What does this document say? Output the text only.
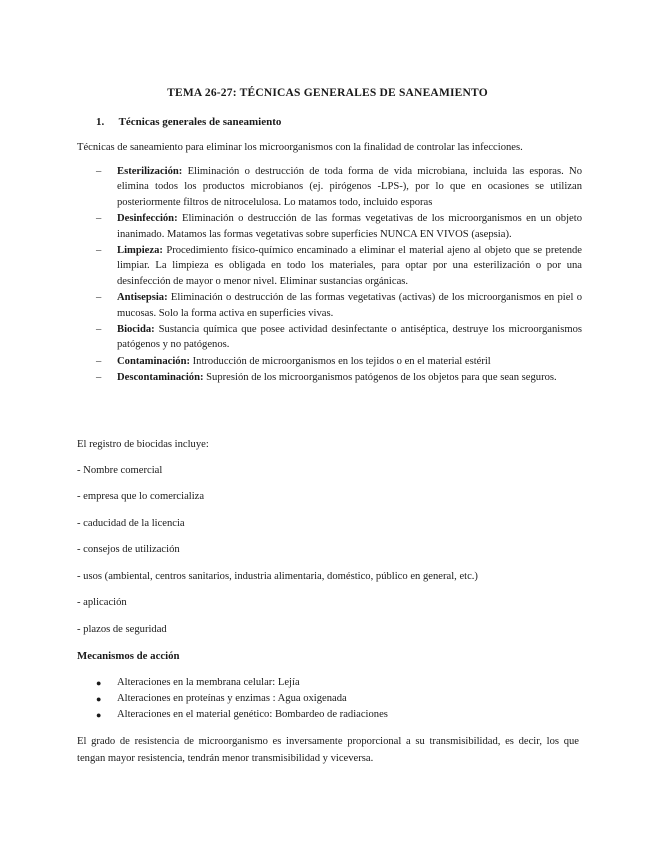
TEMA 26-27: TÉCNICAS GENERALES DE SANEAMIENTO
1. Técnicas generales de saneamiento
Técnicas de saneamiento para eliminar los microorganismos con la finalidad de controlar las infecciones.
– Esterilización: Eliminación o destrucción de toda forma de vida microbiana, incluida las esporas. No elimina todos los productos microbianos (ej. pirógenos -LPS-), por lo que en ocasiones se utilizan posteriormente filtros de nitrocelulosa. Lo matamos todo, incluido esporas
– Desinfección: Eliminación o destrucción de las formas vegetativas de los microorganismos en un objeto inanimado. Matamos las formas vegetativas sobre superficies NUNCA EN VIVOS (asepsia).
– Limpieza: Procedimiento físico-químico encaminado a eliminar el material ajeno al objeto que se pretende limpiar. La limpieza es obligada en todo los materiales, para optar por una esterilización o por una desinfección de mayor o menor nivel. Eliminar sustancias orgánicas.
– Antisepsia: Eliminación o destrucción de las formas vegetativas (activas) de los microorganismos en piel o mucosas. Solo la forma activa en superficies vivas.
– Biocida: Sustancia química que posee actividad desinfectante o antiséptica, destruye los microorganismos patógenos y no patógenos.
– Contaminación: Introducción de microorganismos en los tejidos o en el material estéril
– Descontaminación: Supresión de los microorganismos patógenos de los objetos para que sean seguros.
El registro de biocidas incluye:
- Nombre comercial
- empresa que lo comercializa
- caducidad de la licencia
- consejos de utilización
- usos (ambiental, centros sanitarios, industria alimentaria, doméstico, público en general, etc.)
- aplicación
- plazos de seguridad
Mecanismos de acción
● Alteraciones en la membrana celular: Lejía
● Alteraciones en proteínas y enzimas : Agua oxigenada
● Alteraciones en el material genético: Bombardeo de radiaciones
El grado de resistencia de microorganismo es inversamente proporcional a su transmisibilidad, es decir, los que tengan mayor resistencia, tendrán menor transmisibilidad y viceversa.
